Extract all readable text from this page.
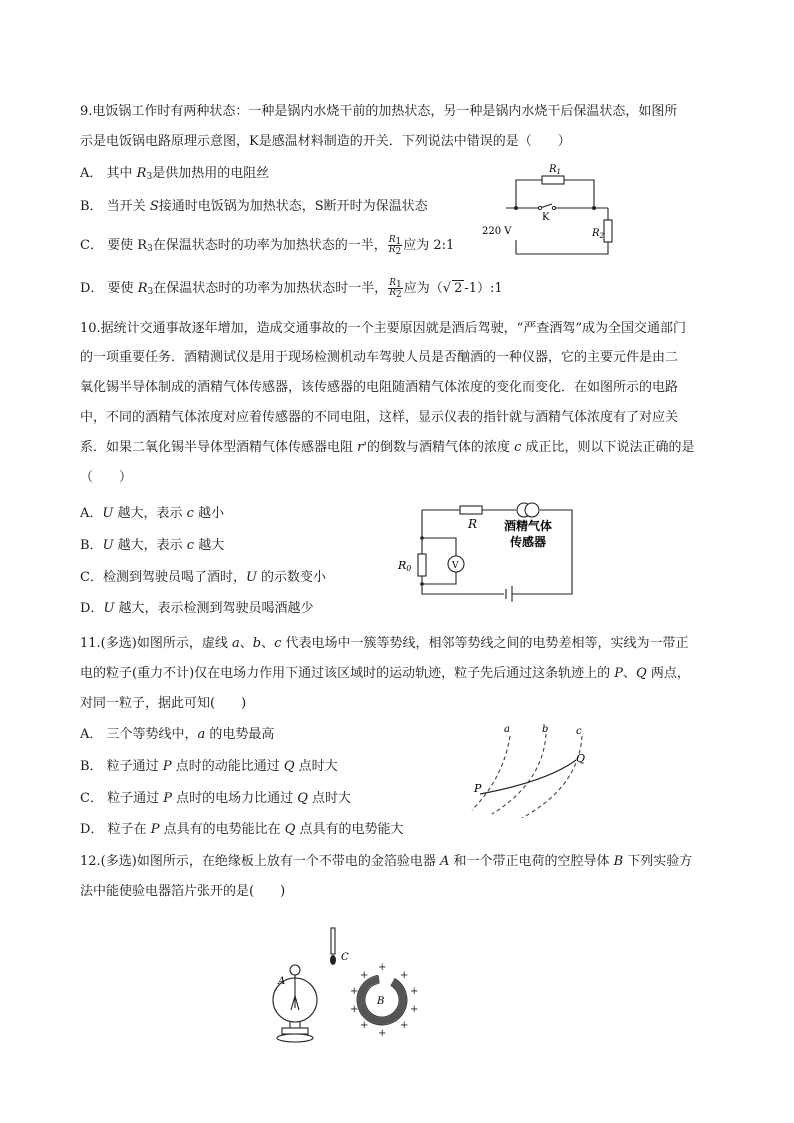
9.电饭锅工作时有两种状态：一种是锅内水烧干前的加热状态，另一种是锅内水烧干后保温状态，如图所
示是电饭锅电路原理示意图，K是感温材料制造的开关．下列说法中错误的是（　　）
A． 其中 $R_3$是供加热用的电阻丝
B． 当开关 S接通时电饭锅为加热状态，S断开时为保温状态
C． 要使 $R_3$在保温状态时的功率为加热状态的一半， $\frac{R_1}{R_2}$ 应为 2:1
D． 要使 $R_3$在保温状态时的功率为加热状态时一半， $\frac{R_1}{R_2}$ 应为（√ 2 -1）:1
$R_1$
K
220 V	$R_2$
10.据统计交通事故逐年增加，造成交通事故的一个主要原因就是酒后驾驶，“严查酒驾”成为全国交通部门
的一项重要任务．酒精测试仪是用于现场检测机动车驾驶人员是否酗酒的一种仪器，它的主要元件是由二
氧化锡半导体制成的酒精气体传感器，该传感器的电阻随酒精气体浓度的变化而变化．在如图所示的电路
中，不同的酒精气体浓度对应着传感器的不同电阻，这样，显示仪表的指针就与酒精气体浓度有了对应关
系．如果二氧化锡半导体型酒精气体传感器电阻 r'的倒数与酒精气体的浓度 c 成正比，则以下说法正确的是
（　　）
A．U 越大，表示 c 越小
B．U 越大，表示 c 越大
C．检测到驾驶员喝了酒时，U 的示数变小
D．U 越大，表示检测到驾驶员喝酒越少
R 酒精气体
传感器
R0	V
11.(多选)如图所示，虚线 a、b、c 代表电场中一簇等势线，相邻等势线之间的电势差相等，实线为一带正
电的粒子(重力不计)仅在电场力作用下通过该区域时的运动轨迹，粒子先后通过这条轨迹上的 P、Q 两点，
对同一粒子，据此可知(　　)
A． 三个等势线中，a 的电势最高
B． 粒子通过 P 点时的动能比通过 Q 点时大
C． 粒子通过 P 点时的电场力比通过 Q 点时大
D． 粒子在 P 点具有的电势能比在 Q 点具有的电势能大
a	b	c
P
Q
12.(多选)如图所示，在绝缘板上放有一个不带电的金箔验电器 A 和一个带正电荷的空腔导体 B 下列实验方
法中能使验电器箔片张开的是(　　)
A
C
B
+
+	+
+	+
+	+
+	+
+
